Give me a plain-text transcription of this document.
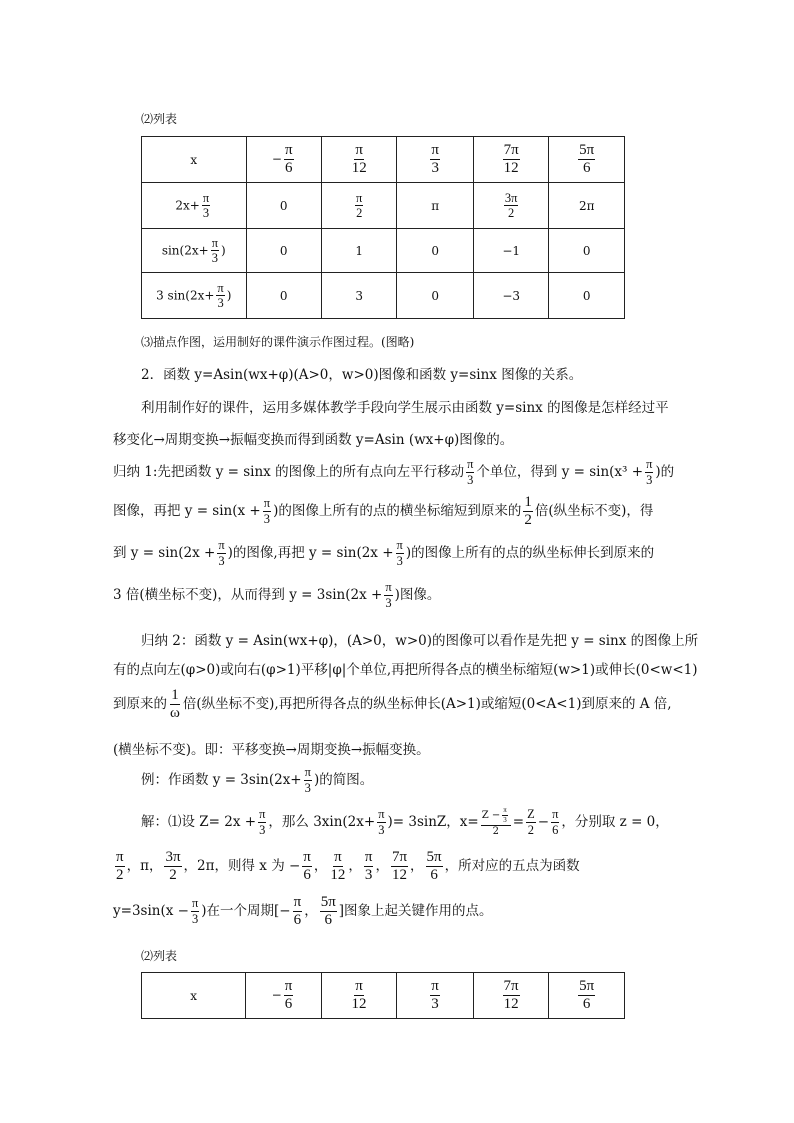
⑵列表
x	− $\frac{\pi}{6}$	$\frac{\pi}{12}$	$\frac{\pi}{3}$	$\frac{7\pi}{12}$	$\frac{5\pi}{6}$

$2x+ \frac{\pi}{3}$	0	$\frac{\pi}{2}$	π	$\frac{3\pi}{2}$	2π
$\sin(2x+ \frac{\pi}{3}$ )	0	1	0	−1	0
3 $\sin(2x+ \frac{\pi}{3}$ )	0	3	0	−3	0
⑶描点作图，运用制好的课件演示作图过程。(图略)
2．函数 y=Asin(wx+φ)(A>0，w>0)图像和函数 y=sinx 图像的关系。
利用制作好的课件，运用多媒体教学手段向学生展示由函数 y=sinx 的图像是怎样经过平
移变化→周期变换→振幅变换而得到函数 y=Asin (wx+φ)图像的。
归纳 1:先把函数 y = sinx 的图像上的所有点向左平行移动 π
3 个单位，得到 $y = \sin(x^3 + \frac{\pi}{3}$ )的
图像，再把 $y = \sin(x + \frac{\pi}{3}$ )的图像上所有的点的横坐标缩短到原来的
1
2
倍(纵坐标不变)，得
到 $y = \sin(2x + \frac{\pi}{3}$ )的图像,再把 $y = \sin(2x + \frac{\pi}{3}$ )的图像上所有的点的纵坐标伸长到原来的
3 倍(横坐标不变)，从而得到 $y = 3\sin(2x + \frac{\pi}{3}$ )图像。
归纳 2：函数 y = Asin(wx+φ)，(A>0，w>0)的图像可以看作是先把 y = sinx 的图像上所
有的点向左(φ>0)或向右(φ>1)平移|φ|个单位,再把所得各点的横坐标缩短(w>1)或伸长(0<w<1)
到原来的
1
ω
倍(纵坐标不变),再把所得各点的纵坐标伸长(A>1)或缩短(0<A<1)到原来的 A 倍,
(横坐标不变)。即：平移变换→周期变换→振幅变换。
例：作函数 $y = 3\sin(2x+ \frac{\pi}{3}$ )的简图。
解：⑴设 $Z= 2x + \frac{\pi}{3}$ ，那么 $3xin(2x+ \frac{\pi}{3}$ )= 3sinZ，$x= \frac{Z - \frac{\pi}{3}}{2} = \frac{Z}{2} - \frac{\pi}{6}$ ，分别取 z = 0，
π
2
，π，
3π
2
，2π，则得 x 为 − $\frac{\pi}{6}$ ，
π
12
，
π
3
，
7π
12
，
5π
6
，所对应的五点为函数
$y=3\sin(x - \frac{\pi}{3}$ )在一个周期[− $\frac{\pi}{6}$ ，
5π
6
]图象上起关键作用的点。
⑵列表
x	− $\frac{\pi}{6}$	$\frac{\pi}{12}$	$\frac{\pi}{3}$	$\frac{7\pi}{12}$	$\frac{5\pi}{6}$
